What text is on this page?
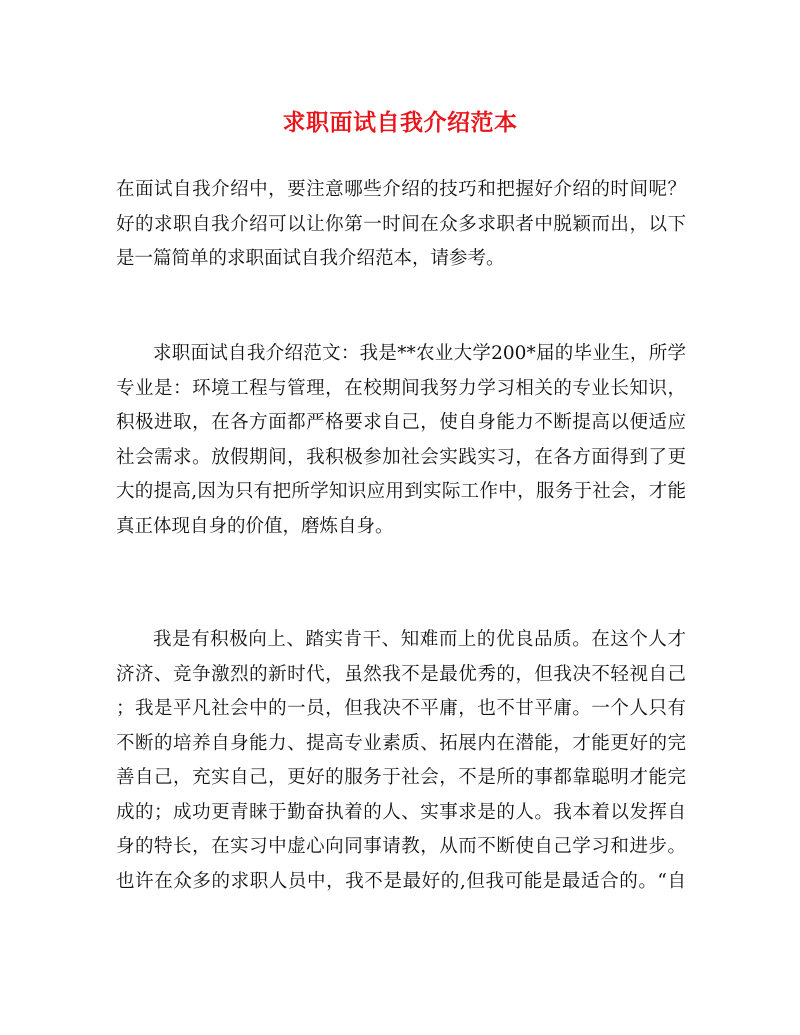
求职面试自我介绍范本
在面试自我介绍中，要注意哪些介绍的技巧和把握好介绍的时间呢？
好的求职自我介绍可以让你第一时间在众多求职者中脱颖而出，以下
是一篇简单的求职面试自我介绍范本，请参考。
求职面试自我介绍范文：我是**农业大学200*届的毕业生，所学
专业是：环境工程与管理，在校期间我努力学习相关的专业长知识，
积极进取，在各方面都严格要求自己，使自身能力不断提高以便适应
社会需求。放假期间，我积极参加社会实践实习，在各方面得到了更
大的提高,因为只有把所学知识应用到实际工作中，服务于社会，才能
真正体现自身的价值，磨炼自身。
我是有积极向上、踏实肯干、知难而上的优良品质。在这个人才
济济、竞争激烈的新时代，虽然我不是最优秀的，但我决不轻视自己
；我是平凡社会中的一员，但我决不平庸，也不甘平庸。一个人只有
不断的培养自身能力、提高专业素质、拓展内在潜能，才能更好的完
善自己，充实自己，更好的服务于社会，不是所的事都靠聪明才能完
成的；成功更青睐于勤奋执着的人、实事求是的人。我本着以发挥自
身的特长，在实习中虚心向同事请教，从而不断使自己学习和进步。
也许在众多的求职人员中，我不是最好的,但我可能是最适合的。“自
